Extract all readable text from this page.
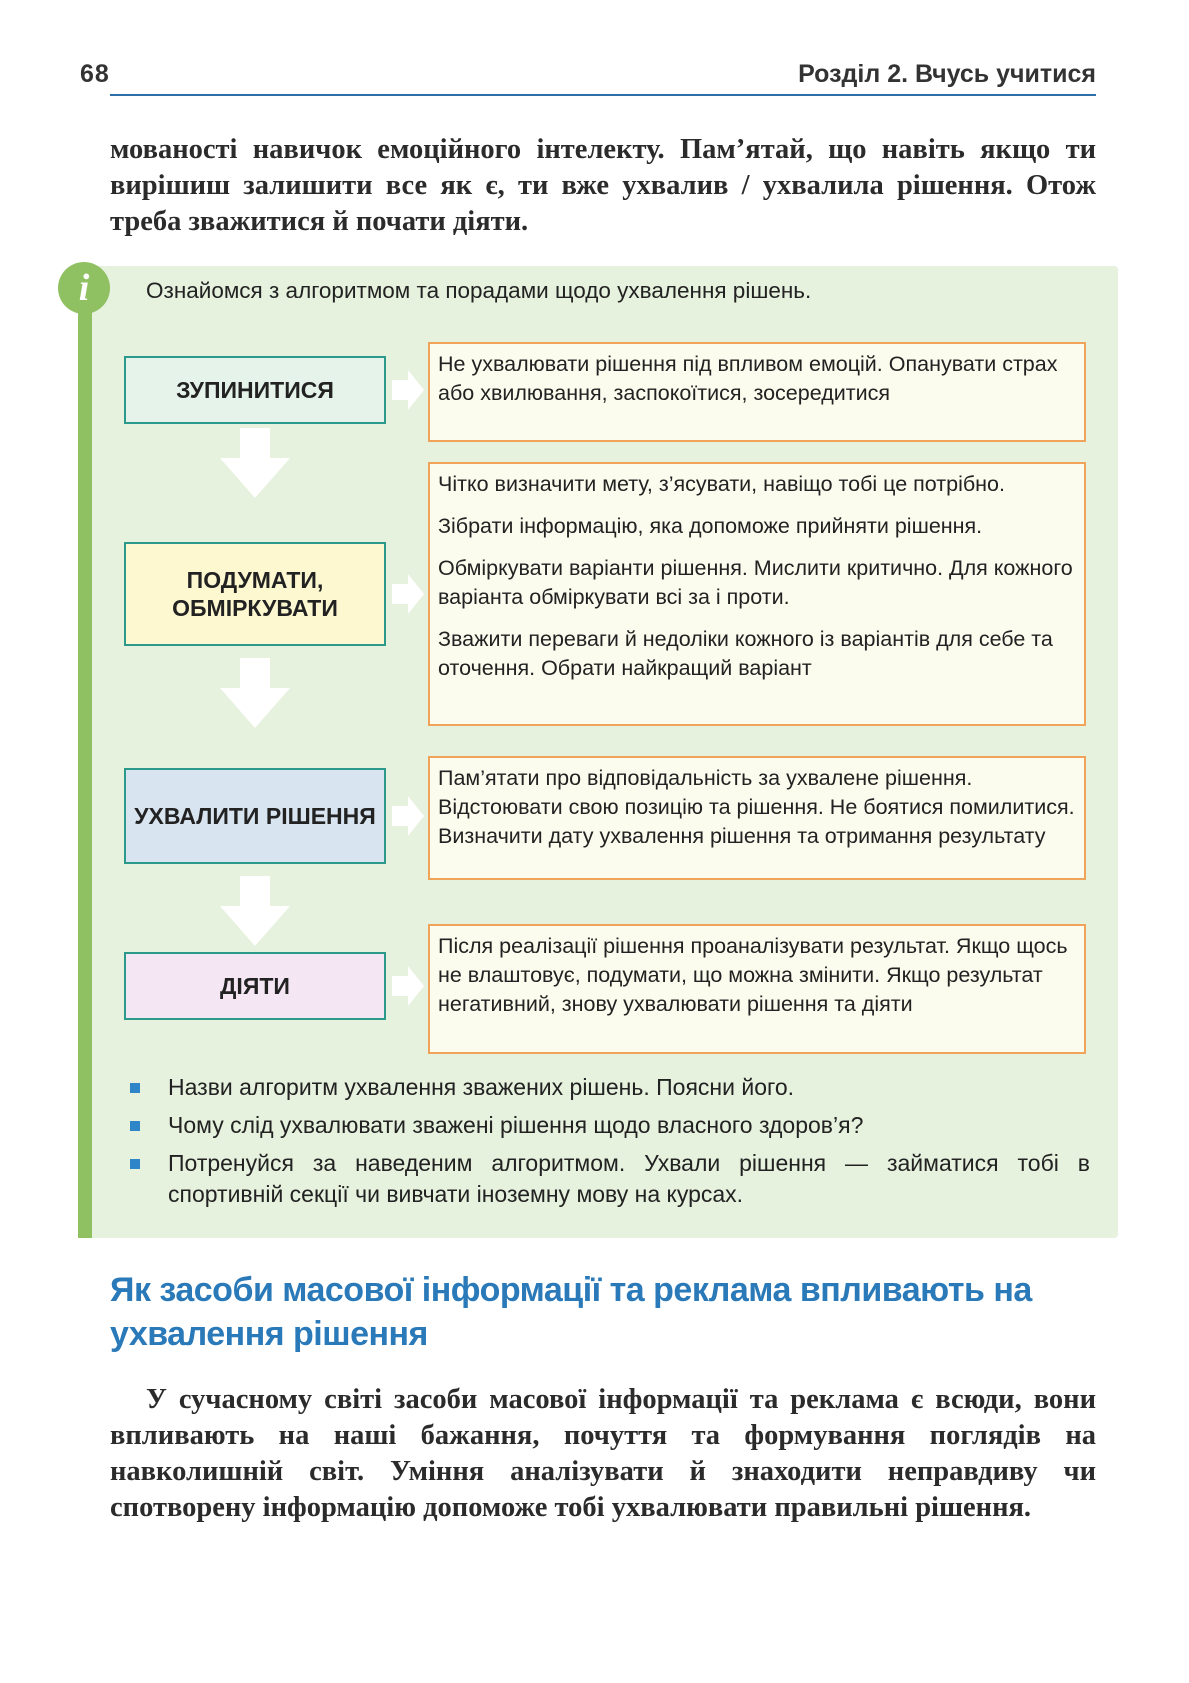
68	Розділ 2. Вчусь учитися

мованості навичок емоційного інтелекту. Пам’ятай, що навіть якщо ти вирішиш залишити все як є, ти вже ухвалив / ухвалила рішення. Отож треба зважитися й почати діяти.

i	Ознайомся з алгоритмом та порадами щодо ухвалення рішень.
ЗУПИНИТИСЯ
ПОДУМАТИ, ОБМІРКУВАТИ
УХВАЛИТИ РІШЕННЯ
ДІЯТИ

Не ухвалювати рішення під впливом емоцій. Опанувати страх або хвилювання, заспокоїтися, зосередитися

Чітко визначити мету, з’ясувати, навіщо тобі це потрібно.

Зібрати інформацію, яка допоможе прийняти рішення.

Обміркувати варіанти рішення. Мислити критично. Для кожного варіанта обміркувати всі за і проти.

Зважити переваги й недоліки кожного із варіантів для себе та оточення. Обрати найкращий варіант

Пам’ятати про відповідальність за ухвалене рішення. Відстоювати свою позицію та рішення. Не боятися помилитися. Визначити дату ухвалення рішення та отримання результату

Після реалізації рішення проаналізувати результат. Якщо щось не влаштовує, подумати, що можна змінити. Якщо результат негативний, знову ухвалювати рішення та діяти

Назви алгоритм ухвалення зважених рішень. Поясни його.
Чому слід ухвалювати зважені рішення щодо власного здоров’я?
Потренуйся за наведеним алгоритмом. Ухвали рішення — займатися тобі в спортивній секції чи вивчати іноземну мову на курсах.
Як засоби масової інформації та реклама впливають на ухвалення рішення

У сучасному світі засоби масової інформації та реклама є всюди, вони впливають на наші бажання, почуття та формування поглядів на навколишній світ. Уміння аналізувати й знаходити неправдиву чи спотворену інформацію допоможе тобі ухвалювати правильні рішення.
